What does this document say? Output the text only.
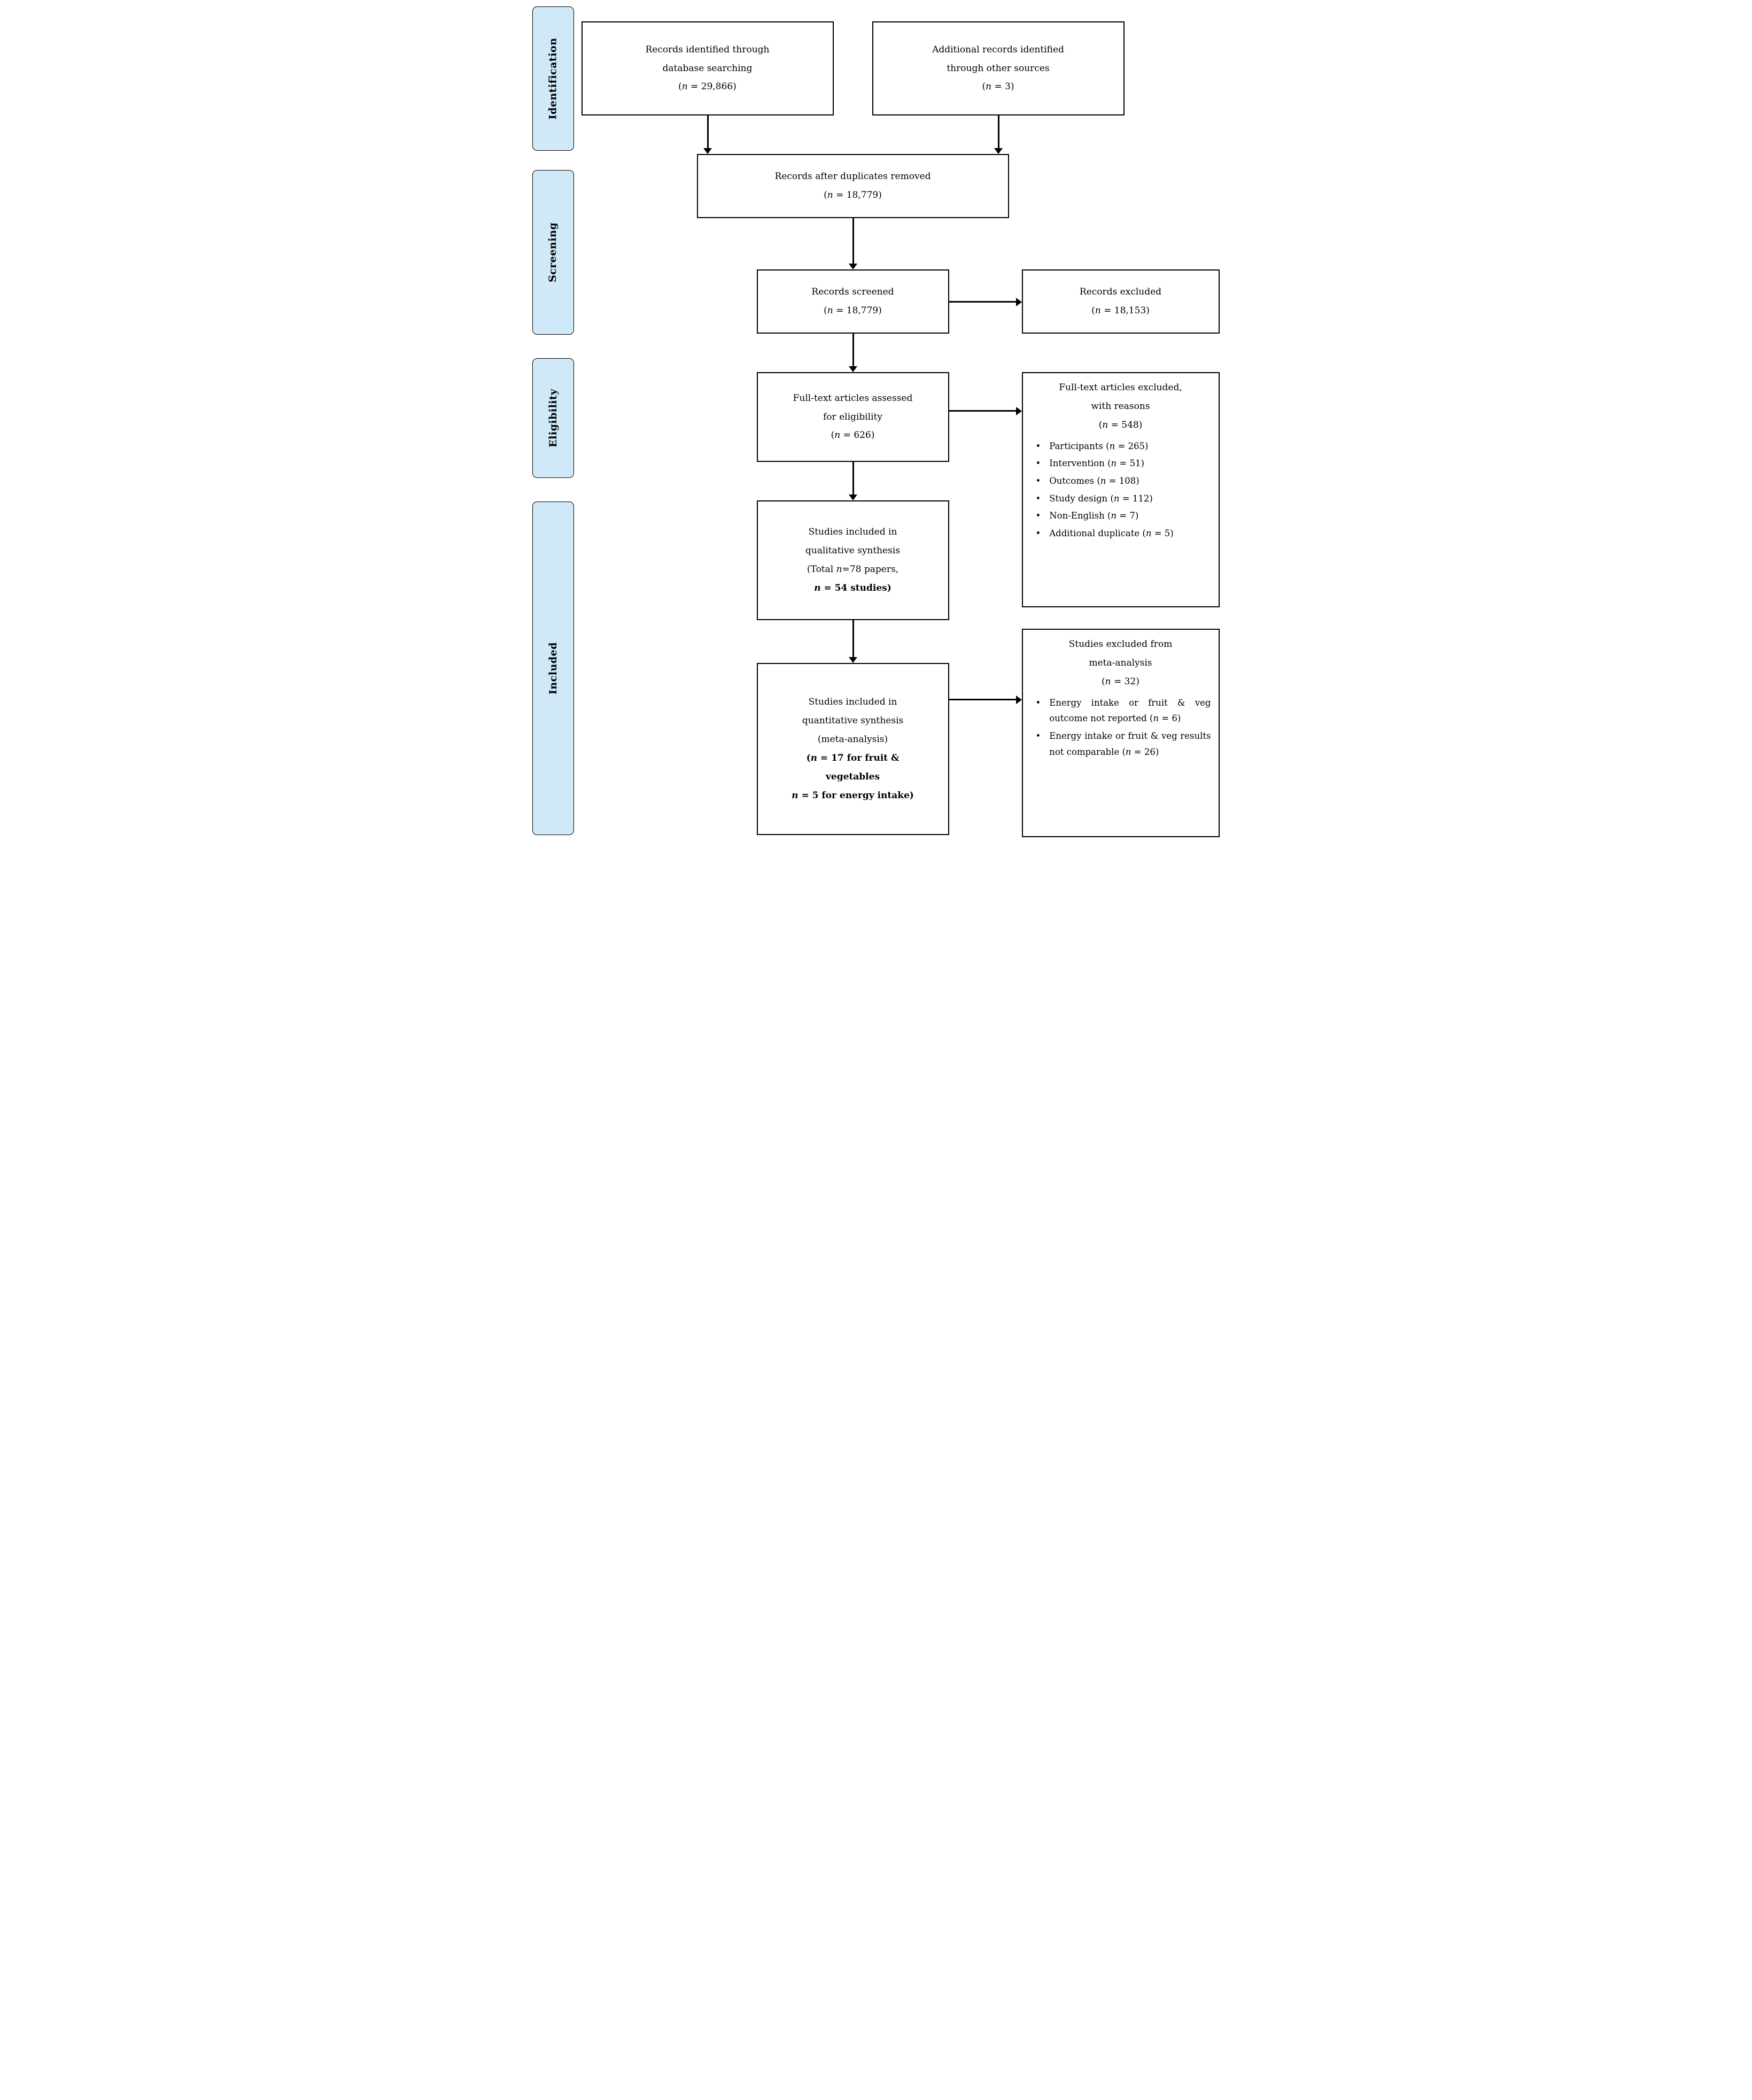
Identification
Screening
Eligibility
Included
Records identified through
database searching
(n = 29,866)
Additional records identified
through other sources
(n = 3)
Records after duplicates removed
(n = 18,779)
Records screened
(n = 18,779)
Records excluded
(n = 18,153)
Full-text articles assessed
for eligibility
(n = 626)
Full-text articles excluded,
with reasons
(n = 548)
• Participants (n = 265)
• Intervention (n = 51)
• Outcomes (n = 108)
• Study design (n = 112)
• Non-English (n = 7)
• Additional duplicate (n = 5)
Studies included in
qualitative synthesis
(Total n=78 papers,
n = 54 studies)
Studies included in
quantitative synthesis
(meta-analysis)
(n = 17 for fruit &
vegetables
n = 5 for energy intake)
Studies excluded from
meta-analysis
(n = 32)
• Energy intake or fruit & veg outcome not reported (n = 6)
• Energy intake or fruit & veg results not comparable (n = 26)
